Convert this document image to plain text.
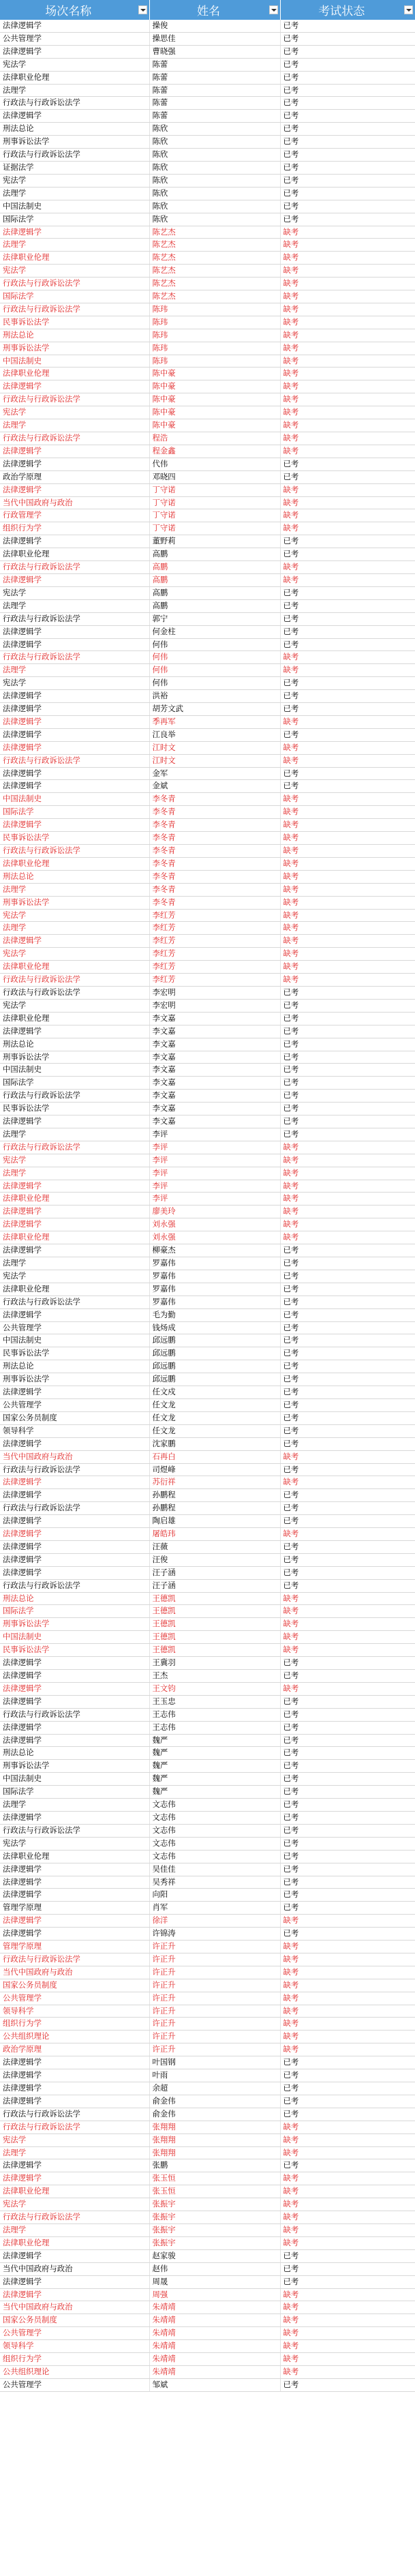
场次名称	姓名	考试状态

法律逻辑学	操俊	已考
公共管理学	操思佳	已考
法律逻辑学	曹晓强	已考
宪法学	陈蕾	已考
法律职业伦理	陈蕾	已考
法理学	陈蕾	已考
行政法与行政诉讼法学	陈蕾	已考
法律逻辑学	陈蕾	已考
刑法总论	陈欣	已考
刑事诉讼法学	陈欣	已考
行政法与行政诉讼法学	陈欣	已考
证据法学	陈欣	已考
宪法学	陈欣	已考
法理学	陈欣	已考
中国法制史	陈欣	已考
国际法学	陈欣	已考
法律逻辑学	陈艺杰	缺考
法理学	陈艺杰	缺考
法律职业伦理	陈艺杰	缺考
宪法学	陈艺杰	缺考
行政法与行政诉讼法学	陈艺杰	缺考
国际法学	陈艺杰	缺考
行政法与行政诉讼法学	陈玮	缺考
民事诉讼法学	陈玮	缺考
刑法总论	陈玮	缺考
刑事诉讼法学	陈玮	缺考
中国法制史	陈玮	缺考
法律职业伦理	陈中豪	缺考
法律逻辑学	陈中豪	缺考
行政法与行政诉讼法学	陈中豪	缺考
宪法学	陈中豪	缺考
法理学	陈中豪	缺考
行政法与行政诉讼法学	程浩	缺考
法律逻辑学	程金鑫	缺考
法律逻辑学	代伟	已考
政治学原理	邓晓四	已考
法律逻辑学	丁守诺	缺考
当代中国政府与政治	丁守诺	缺考
行政管理学	丁守诺	缺考
组织行为学	丁守诺	缺考
法律逻辑学	董野莉	已考
法律职业伦理	高鹏	已考
行政法与行政诉讼法学	高鹏	缺考
法律逻辑学	高鹏	缺考
宪法学	高鹏	已考
法理学	高鹏	已考
行政法与行政诉讼法学	郭宁	已考
法律逻辑学	何金柱	已考
法律逻辑学	何伟	已考
行政法与行政诉讼法学	何伟	缺考
法理学	何伟	缺考
宪法学	何伟	已考
法律逻辑学	洪裕	已考
法律逻辑学	胡芳文武	已考
法律逻辑学	季再军	缺考
法律逻辑学	江良举	已考
法律逻辑学	江时文	缺考
行政法与行政诉讼法学	江时文	缺考
法律逻辑学	金军	已考
法律逻辑学	金斌	已考
中国法制史	李冬青	缺考
国际法学	李冬青	缺考
法律逻辑学	李冬青	缺考
民事诉讼法学	李冬青	缺考
行政法与行政诉讼法学	李冬青	缺考
法律职业伦理	李冬青	缺考
刑法总论	李冬青	缺考
法理学	李冬青	缺考
刑事诉讼法学	李冬青	缺考
宪法学	李红芳	缺考
法理学	李红芳	缺考
法律逻辑学	李红芳	缺考
宪法学	李红芳	缺考
法律职业伦理	李红芳	缺考
行政法与行政诉讼法学	李红芳	缺考
行政法与行政诉讼法学	李宏明	已考
宪法学	李宏明	已考
法律职业伦理	李文嘉	已考
法律逻辑学	李文嘉	已考
刑法总论	李文嘉	已考
刑事诉讼法学	李文嘉	已考
中国法制史	李文嘉	已考
国际法学	李文嘉	已考
行政法与行政诉讼法学	李文嘉	已考
民事诉讼法学	李文嘉	已考
法律逻辑学	李文嘉	已考
法理学	李评	已考
行政法与行政诉讼法学	李评	缺考
宪法学	李评	缺考
法理学	李评	缺考
法律逻辑学	李评	缺考
法律职业伦理	李评	缺考
法律逻辑学	廖美玲	缺考
法律逻辑学	刘永强	缺考
法律职业伦理	刘永强	缺考
法律逻辑学	柳豪杰	已考
法理学	罗嘉伟	已考
宪法学	罗嘉伟	已考
法律职业伦理	罗嘉伟	已考
行政法与行政诉讼法学	罗嘉伟	已考
法律逻辑学	毛为勤	已考
公共管理学	钱炀成	已考
中国法制史	邱远鹏	已考
民事诉讼法学	邱远鹏	已考
刑法总论	邱远鹏	已考
刑事诉讼法学	邱远鹏	已考
法律逻辑学	任文戍	已考
公共管理学	任文龙	已考
国家公务员制度	任文龙	已考
领导科学	任文龙	已考
法律逻辑学	沈家鹏	已考
当代中国政府与政治	石再白	缺考
行政法与行政诉讼法学	司煜峰	已考
法律逻辑学	苏衍祥	缺考
法律逻辑学	孙鹏程	已考
行政法与行政诉讼法学	孙鹏程	已考
法律逻辑学	陶启雄	已考
法律逻辑学	屠皓玮	缺考
法律逻辑学	汪薇	已考
法律逻辑学	汪俊	已考
法律逻辑学	汪子涵	已考
行政法与行政诉讼法学	汪子涵	已考
刑法总论	王德凯	缺考
国际法学	王德凯	缺考
刑事诉讼法学	王德凯	缺考
中国法制史	王德凯	缺考
民事诉讼法学	王德凯	缺考
法律逻辑学	王冀羽	已考
法律逻辑学	王杰	已考
法律逻辑学	王文钧	缺考
法律逻辑学	王玉忠	已考
行政法与行政诉讼法学	王志伟	已考
法律逻辑学	王志伟	已考
法律逻辑学	魏严	已考
刑法总论	魏严	已考
刑事诉讼法学	魏严	已考
中国法制史	魏严	已考
国际法学	魏严	已考
法理学	文志伟	已考
法律逻辑学	文志伟	已考
行政法与行政诉讼法学	文志伟	已考
宪法学	文志伟	已考
法律职业伦理	文志伟	已考
法律逻辑学	吴佳佳	已考
法律逻辑学	吴秀祥	已考
法律逻辑学	向阳	已考
管理学原理	肖军	已考
法律逻辑学	徐洋	缺考
法律逻辑学	许锦涛	已考
管理学原理	许正升	缺考
行政法与行政诉讼法学	许正升	缺考
当代中国政府与政治	许正升	缺考
国家公务员制度	许正升	缺考
公共管理学	许正升	缺考
领导科学	许正升	缺考
组织行为学	许正升	缺考
公共组织理论	许正升	缺考
政治学原理	许正升	缺考
法律逻辑学	叶国钢	已考
法律逻辑学	叶雨	已考
法律逻辑学	余超	已考
法律逻辑学	俞金伟	已考
行政法与行政诉讼法学	俞金伟	已考
行政法与行政诉讼法学	张翔翔	缺考
宪法学	张翔翔	缺考
法理学	张翔翔	缺考
法律逻辑学	张鹏	已考
法律逻辑学	张玉恒	缺考
法律职业伦理	张玉恒	缺考
宪法学	张振宇	缺考
行政法与行政诉讼法学	张振宇	缺考
法理学	张振宇	缺考
法律职业伦理	张振宇	缺考
法律逻辑学	赵家骏	已考
当代中国政府与政治	赵伟	已考
法律逻辑学	周晟	已考
法律逻辑学	周强	缺考
当代中国政府与政治	朱靖靖	缺考
国家公务员制度	朱靖靖	缺考
公共管理学	朱靖靖	缺考
领导科学	朱靖靖	缺考
组织行为学	朱靖靖	缺考
公共组织理论	朱靖靖	缺考
公共管理学	邹斌	已考
